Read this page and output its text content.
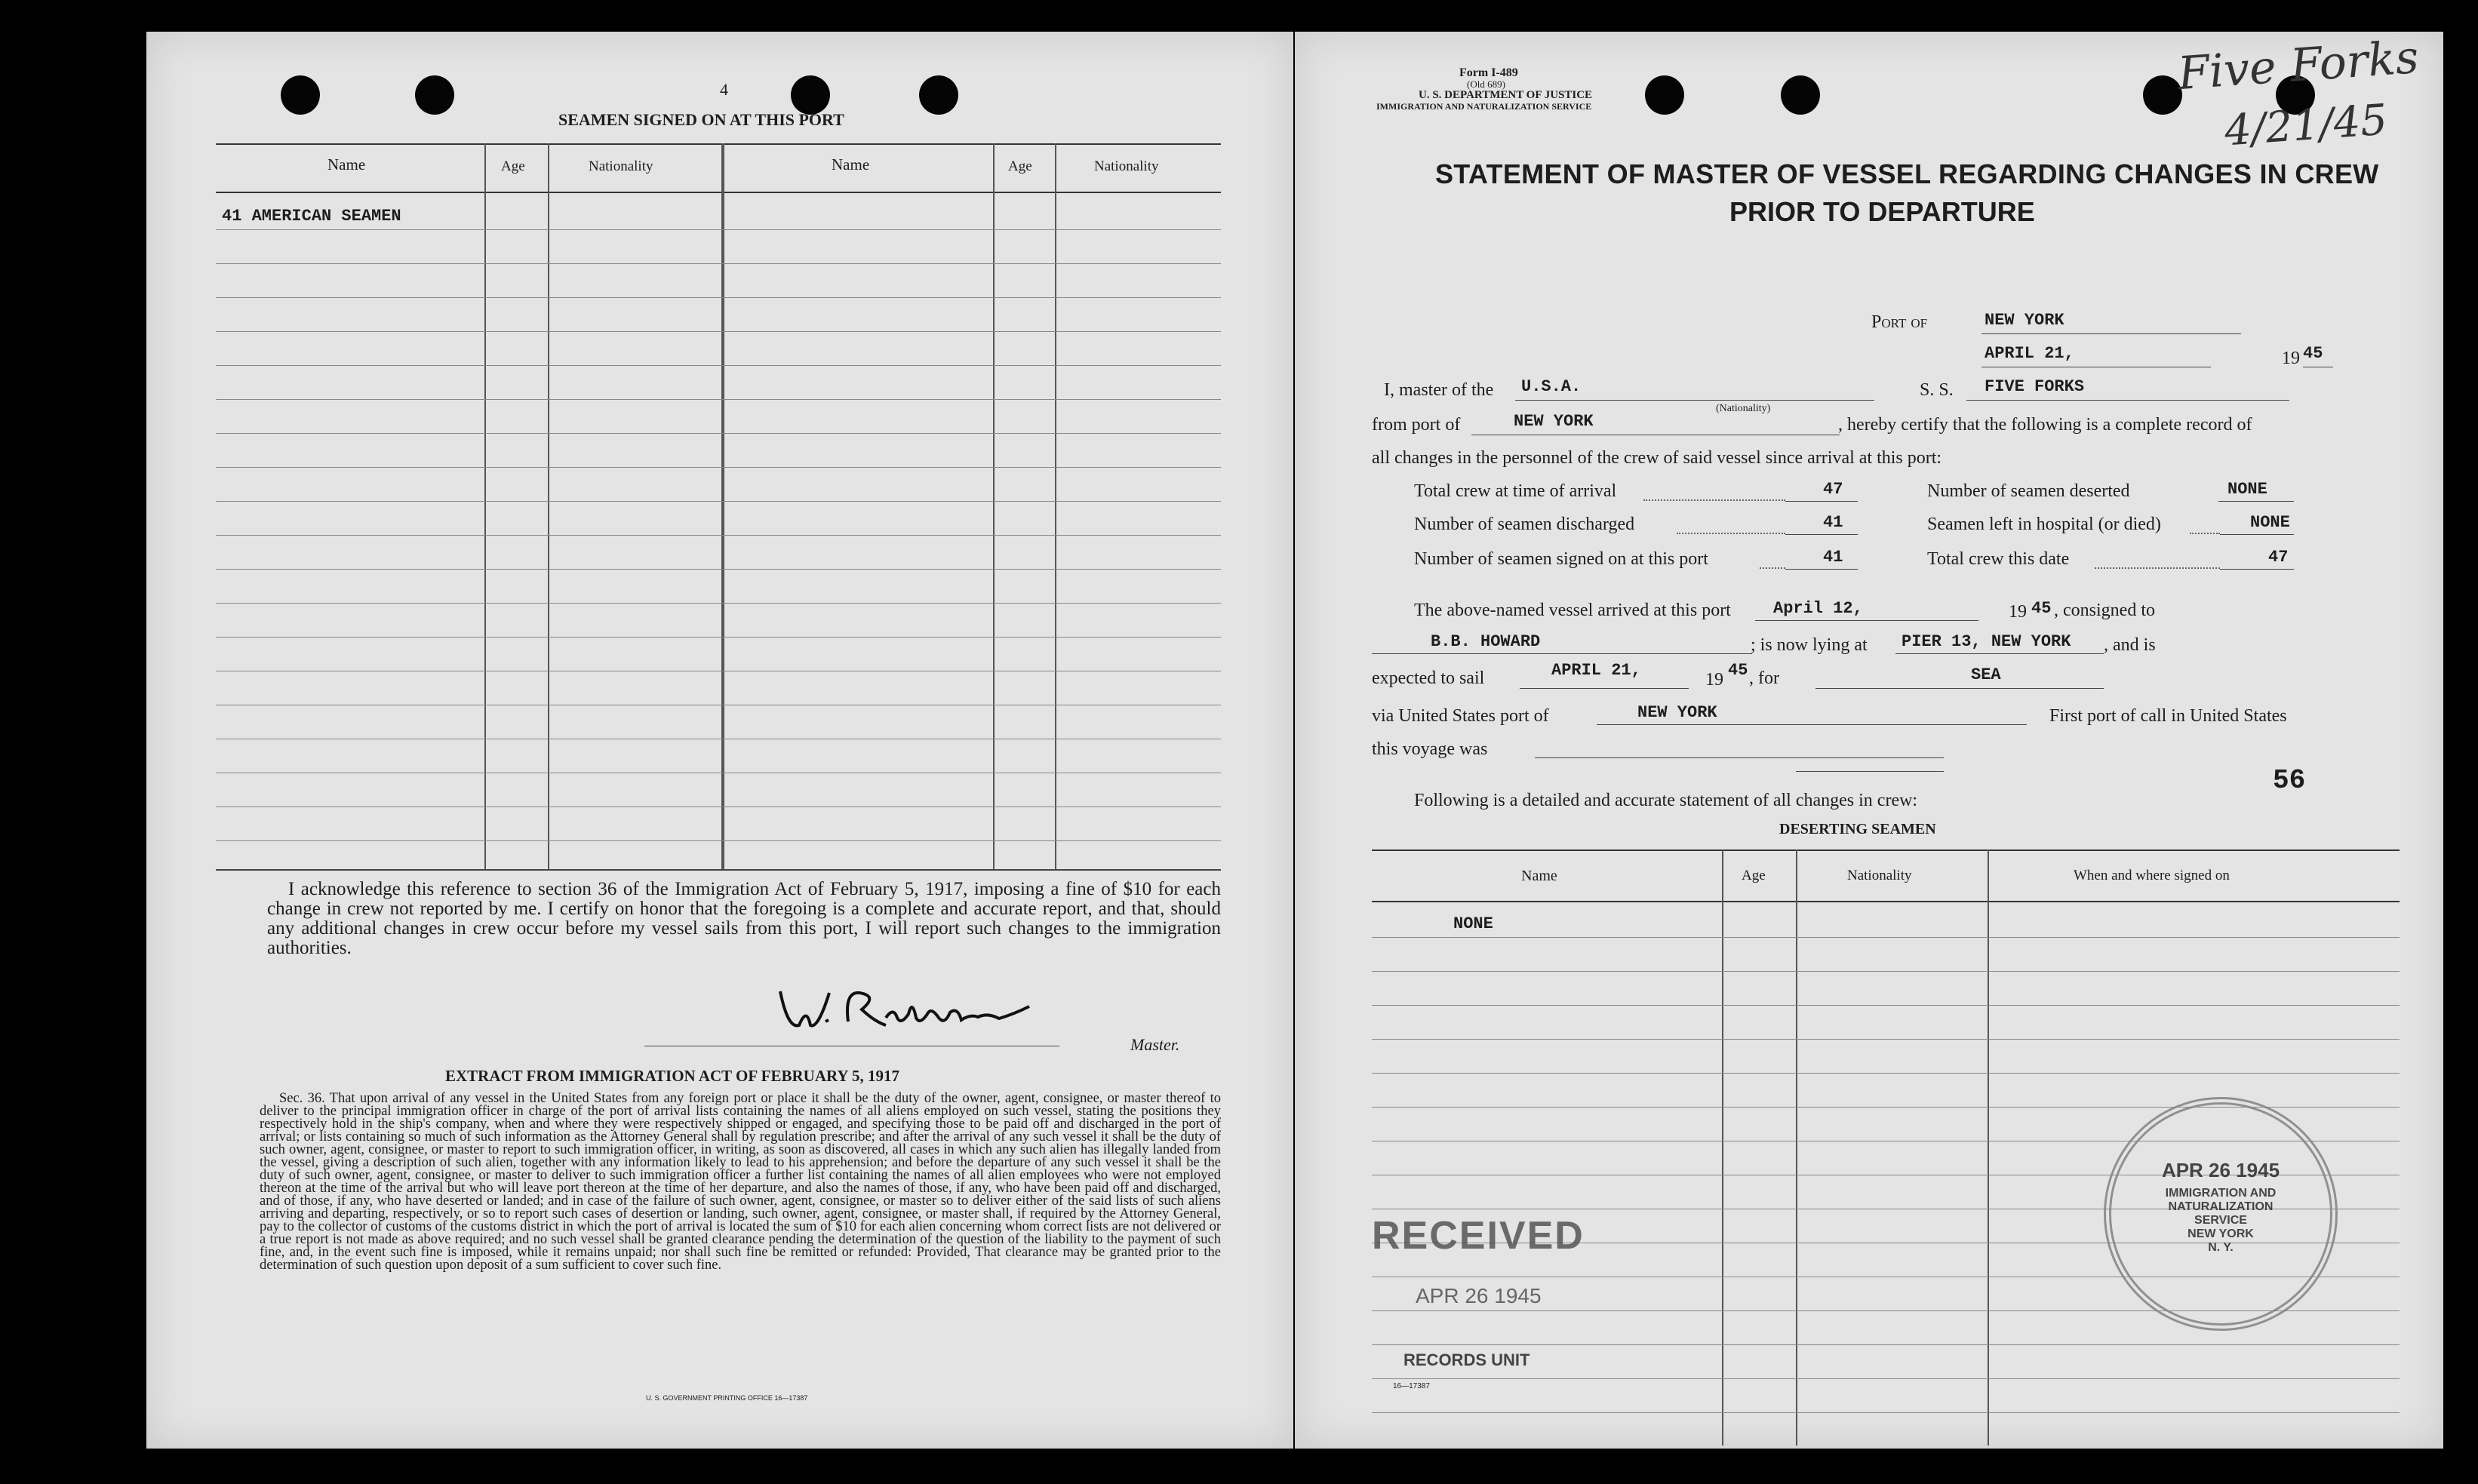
4
SEAMEN SIGNED ON AT THIS PORT
Name	Age	Nationality	Name	Age	Nationality
41 AMERICAN SEAMEN
I acknowledge this reference to section 36 of the Immigration Act of February 5, 1917, imposing a fine of $10 for each change in crew not reported by me. I certify on honor that the foregoing is a complete and accurate report, and that, should any additional changes in crew occur before my vessel sails from this port, I will report such changes to the immigration authorities.
Master.
EXTRACT FROM IMMIGRATION ACT OF FEBRUARY 5, 1917
Sec. 36. That upon arrival of any vessel in the United States from any foreign port or place it shall be the duty of the owner, agent, consignee, or master thereof to deliver to the principal immigration officer in charge of the port of arrival lists containing the names of all aliens employed on such vessel, stating the positions they respectively hold in the ship's company, when and where they were respectively shipped or engaged, and specifying those to be paid off and discharged in the port of arrival; or lists containing so much of such information as the Attorney General shall by regulation prescribe; and after the arrival of any such vessel it shall be the duty of such owner, agent, consignee, or master to report to such immigration officer, in writing, as soon as discovered, all cases in which any such alien has illegally landed from the vessel, giving a description of such alien, together with any information likely to lead to his apprehension; and before the departure of any such vessel it shall be the duty of such owner, agent, consignee, or master to deliver to such immigration officer a further list containing the names of all alien employees who were not employed thereon at the time of the arrival but who will leave port thereon at the time of her departure, and also the names of those, if any, who have been paid off and discharged, and of those, if any, who have deserted or landed; and in case of the failure of such owner, agent, consignee, or master so to deliver either of the said lists of such aliens arriving and departing, respectively, or so to report such cases of desertion or landing, such owner, agent, consignee, or master shall, if required by the Attorney General, pay to the collector of customs of the customs district in which the port of arrival is located the sum of $10 for each alien concerning whom correct lists are not delivered or a true report is not made as above required; and no such vessel shall be granted clearance pending the determination of the question of the liability to the payment of such fine, and, in the event such fine is imposed, while it remains unpaid; nor shall such fine be remitted or refunded: Provided, That clearance may be granted prior to the determination of such question upon deposit of a sum sufficient to cover such fine.
U. S. GOVERNMENT PRINTING OFFICE 16—17387
Form I-489
(Old 689)
U. S. DEPARTMENT OF JUSTICE
IMMIGRATION AND NATURALIZATION SERVICE
Five Forks
4/21/45
STATEMENT OF MASTER OF VESSEL REGARDING CHANGES IN CREW
PRIOR TO DEPARTURE
Port of	NEW YORK
APRIL 21,	19 45
I, master of the U.S.A.
(Nationality)
S. S. FIVE FORKS
from port of	NEW YORK	, hereby certify that the following is a complete record of
all changes in the personnel of the crew of said vessel since arrival at this port:
Total crew at time of arrival	47
Number of seamen discharged	41
Number of seamen signed on at this port	41
Number of seamen deserted	NONE
Seamen left in hospital (or died)	NONE
Total crew this date	47
The above-named vessel arrived at this port	April 12,	19 45 , consigned to
B.B. HOWARD	; is now lying at PIER 13, NEW YORK , and is
expected to sail	APRIL 21,	19 45 , for	SEA
via United States port of	NEW YORK	First port of call in United States
this voyage was
56
Following is a detailed and accurate statement of all changes in crew:
DESERTING SEAMEN
Name	Age	Nationality	When and where signed on
NONE
RECEIVED
APR 26 1945
RECORDS UNIT
APR 26 1945
IMMIGRATION AND
NATURALIZATION
SERVICE
NEW YORK
N. Y.
16—17387
